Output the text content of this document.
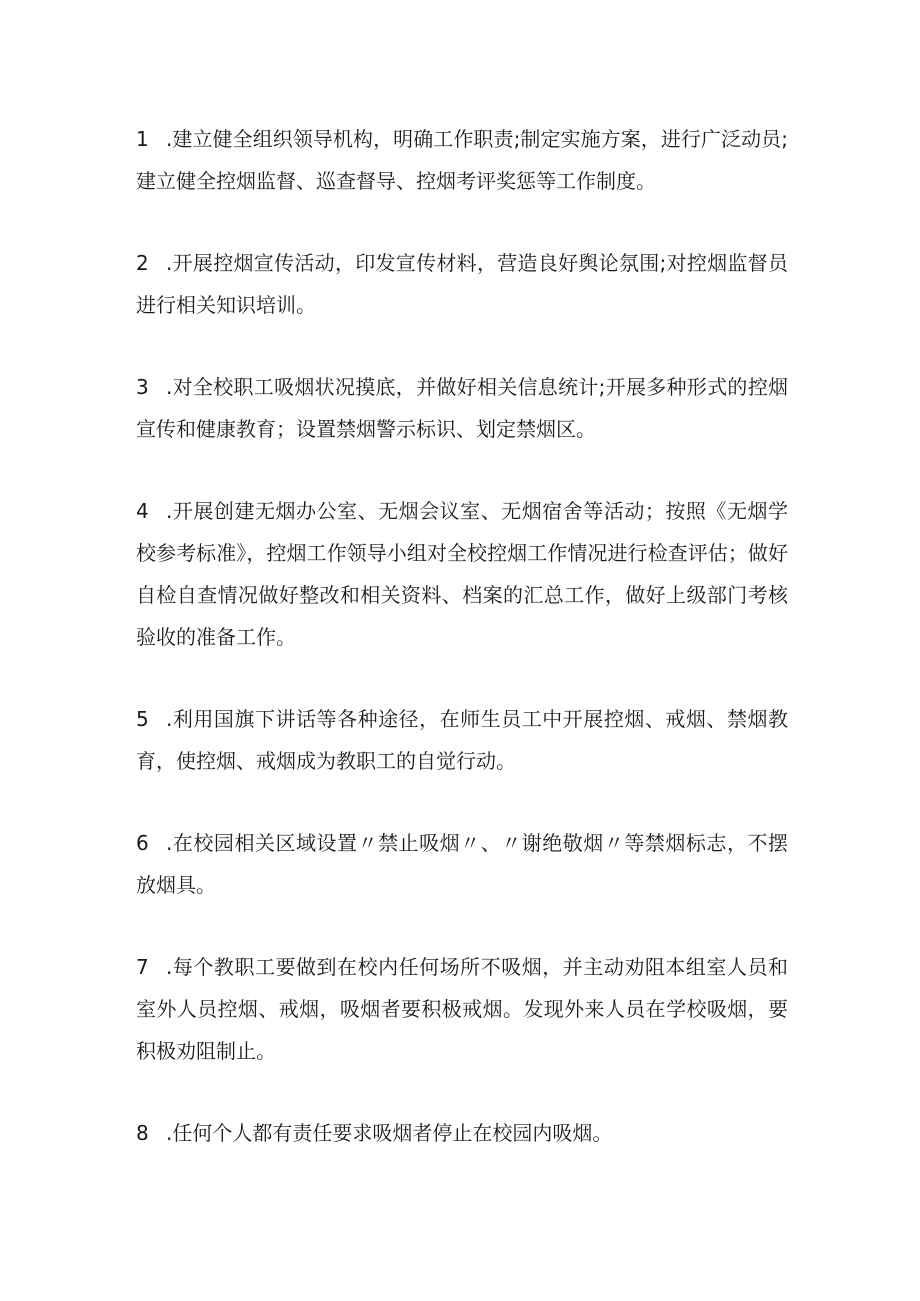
1 .建立健全组织领导机构，明确工作职责;制定实施方案，进行广泛动员;建立健全控烟监督、巡查督导、控烟考评奖惩等工作制度。

2 .开展控烟宣传活动，印发宣传材料，营造良好舆论氛围;对控烟监督员进行相关知识培训。

3 .对全校职工吸烟状况摸底，并做好相关信息统计;开展多种形式的控烟宣传和健康教育；设置禁烟警示标识、划定禁烟区。

4 .开展创建无烟办公室、无烟会议室、无烟宿舍等活动；按照《无烟学校参考标准》，控烟工作领导小组对全校控烟工作情况进行检查评估；做好自检自查情况做好整改和相关资料、档案的汇总工作，做好上级部门考核验收的准备工作。

5 .利用国旗下讲话等各种途径，在师生员工中开展控烟、戒烟、禁烟教育，使控烟、戒烟成为教职工的自觉行动。

6 .在校园相关区域设置〃禁止吸烟〃、〃谢绝敬烟〃等禁烟标志，不摆放烟具。

7 .每个教职工要做到在校内任何场所不吸烟，并主动劝阻本组室人员和室外人员控烟、戒烟，吸烟者要积极戒烟。发现外来人员在学校吸烟，要积极劝阻制止。

8 .任何个人都有责任要求吸烟者停止在校园内吸烟。
